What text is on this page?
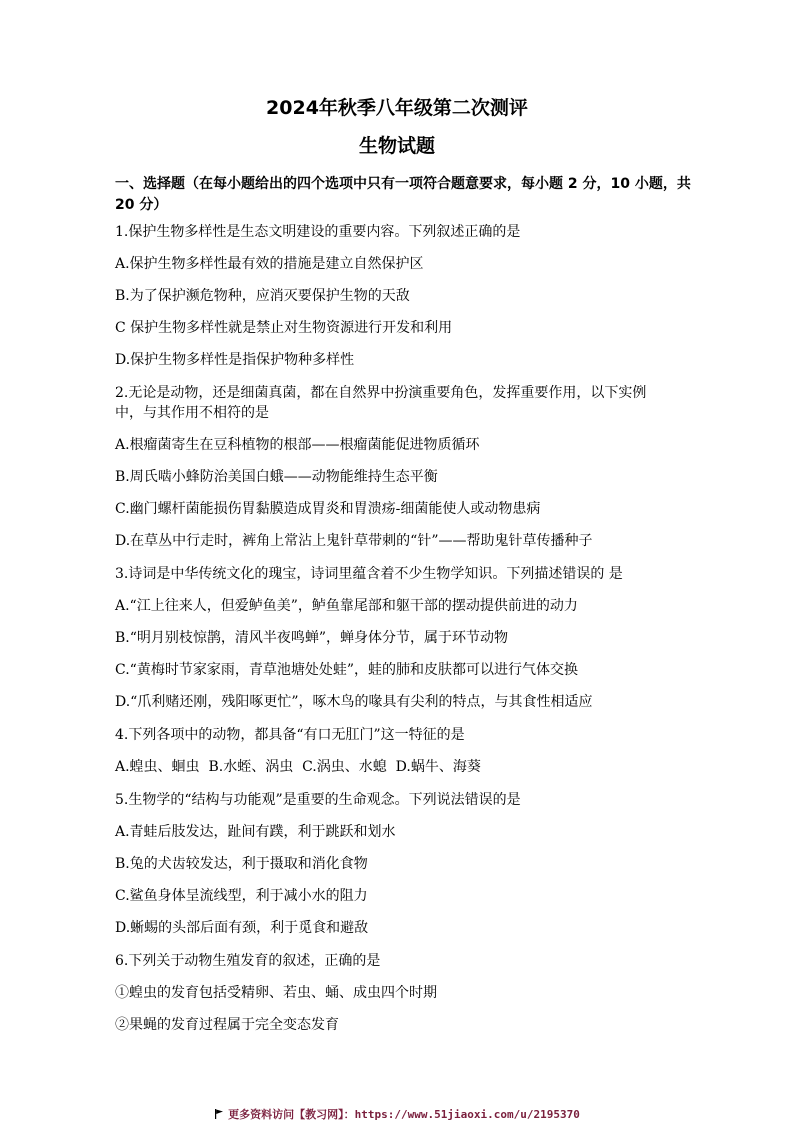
2024年秋季八年级第二次测评
生物试题
一、选择题（在每小题给出的四个选项中只有一项符合题意要求，每小题 2 分，10 小题，共 20 分）
1.保护生物多样性是生态文明建设的重要内容。下列叙述正确的是
A.保护生物多样性最有效的措施是建立自然保护区
B.为了保护濒危物种，应消灭要保护生物的天敌
C 保护生物多样性就是禁止对生物资源进行开发和利用
D.保护生物多样性是指保护物种多样性
2.无论是动物，还是细菌真菌，都在自然界中扮演重要角色，发挥重要作用，以下实例中，与其作用不相符的是
A.根瘤菌寄生在豆科植物的根部——根瘤菌能促进物质循环
B.周氏啮小蜂防治美国白蛾——动物能维持生态平衡
C.幽门螺杆菌能损伤胃黏膜造成胃炎和胃溃疡-细菌能使人或动物患病
D.在草丛中行走时，裤角上常沾上鬼针草带刺的“针”——帮助鬼针草传播种子
3.诗词是中华传统文化的瑰宝，诗词里蕴含着不少生物学知识。下列描述错误的 是
A.“江上往来人，但爱鲈鱼美”，鲈鱼靠尾部和躯干部的摆动提供前进的动力
B.“明月别枝惊鹊，清风半夜鸣蝉”，蝉身体分节，属于环节动物
C.“黄梅时节家家雨，青草池塘处处蛙”，蛙的肺和皮肤都可以进行气体交换
D.“爪利赌还刚，残阳啄更忙”，啄木鸟的喙具有尖利的特点，与其食性相适应
4.下列各项中的动物，都具备“有口无肛门”这一特征的是
A.蝗虫、蛔虫  B.水蛭、涡虫  C.涡虫、水螅  D.蜗牛、海葵
5.生物学的“结构与功能观”是重要的生命观念。下列说法错误的是
A.青蛙后肢发达，趾间有蹼，利于跳跃和划水
B.兔的犬齿较发达，利于摄取和消化食物
C.鲨鱼身体呈流线型，利于减小水的阻力
D.蜥蜴的头部后面有颈，利于觅食和避敌
6.下列关于动物生殖发育的叙述，正确的是
①蝗虫的发育包括受精卵、若虫、蛹、成虫四个时期
②果蝇的发育过程属于完全变态发育
更多资料访问【教习网】：https://www.51jiaoxi.com/u/2195370
